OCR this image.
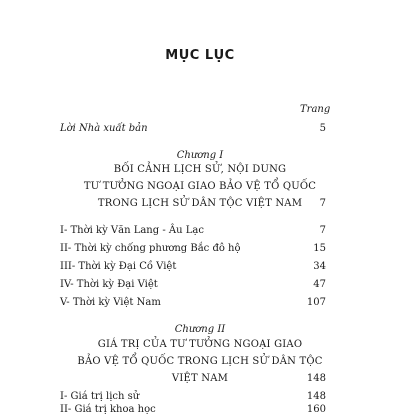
MỤC LỤC
Trang
Lời Nhà xuất bản	5
Chương I
BỐI CẢNH LỊCH SỬ, NỘI DUNG
TƯ TƯỞNG NGOẠI GIAO BẢO VỆ TỔ QUỐC
TRONG LỊCH SỬ DÂN TỘC VIỆT NAM	7
I- Thời kỳ Văn Lang - Âu Lạc	7
II- Thời kỳ chống phương Bắc đô hộ	15
III- Thời kỳ Đại Cồ Việt	34
IV- Thời kỳ Đại Việt	47
V- Thời kỳ Việt Nam	107
Chương II
GIÁ TRỊ CỦA TƯ TƯỞNG NGOẠI GIAO
BẢO VỆ TỔ QUỐC TRONG LỊCH SỬ DÂN TỘC
VIỆT NAM	148
I- Giá trị lịch sử	148
II- Giá trị khoa học	160
